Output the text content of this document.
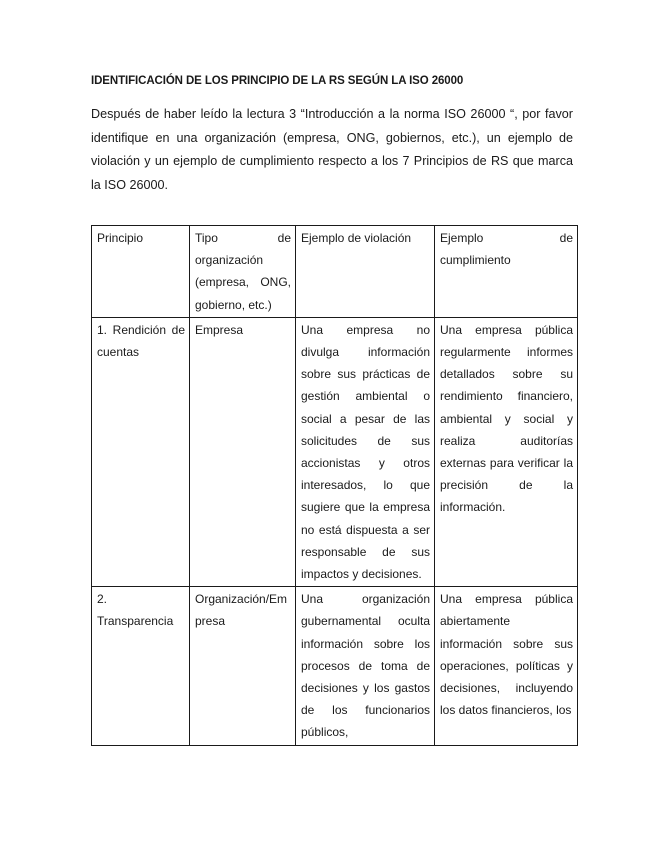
IDENTIFICACIÓN DE LOS PRINCIPIO DE LA RS SEGÚN LA ISO 26000
Después de haber leído la lectura 3 “Introducción a la norma ISO 26000 “, por favor identifique en una organización (empresa, ONG, gobiernos, etc.), un ejemplo de violación y un ejemplo de cumplimiento respecto a los 7 Principios de RS que marca la ISO 26000.
Principio	Tipo de organización (empresa, ONG, gobierno, etc.)	Ejemplo de violación	Ejemplo de cumplimiento
1. Rendición de cuentas	Empresa	Una empresa no divulga información sobre sus prácticas de gestión ambiental o social a pesar de las solicitudes de sus accionistas y otros interesados, lo que sugiere que la empresa no está dispuesta a ser responsable de sus impactos y decisiones.	Una empresa pública regularmente informes detallados sobre su rendimiento financiero, ambiental y social y realiza auditorías externas para verificar la precisión de la información.
2. Transparencia	Organización/Empresa	Una organización gubernamental oculta información sobre los procesos de toma de decisiones y los gastos de los funcionarios públicos,	Una empresa pública abiertamente información sobre sus operaciones, políticas y decisiones, incluyendo los datos financieros, los
